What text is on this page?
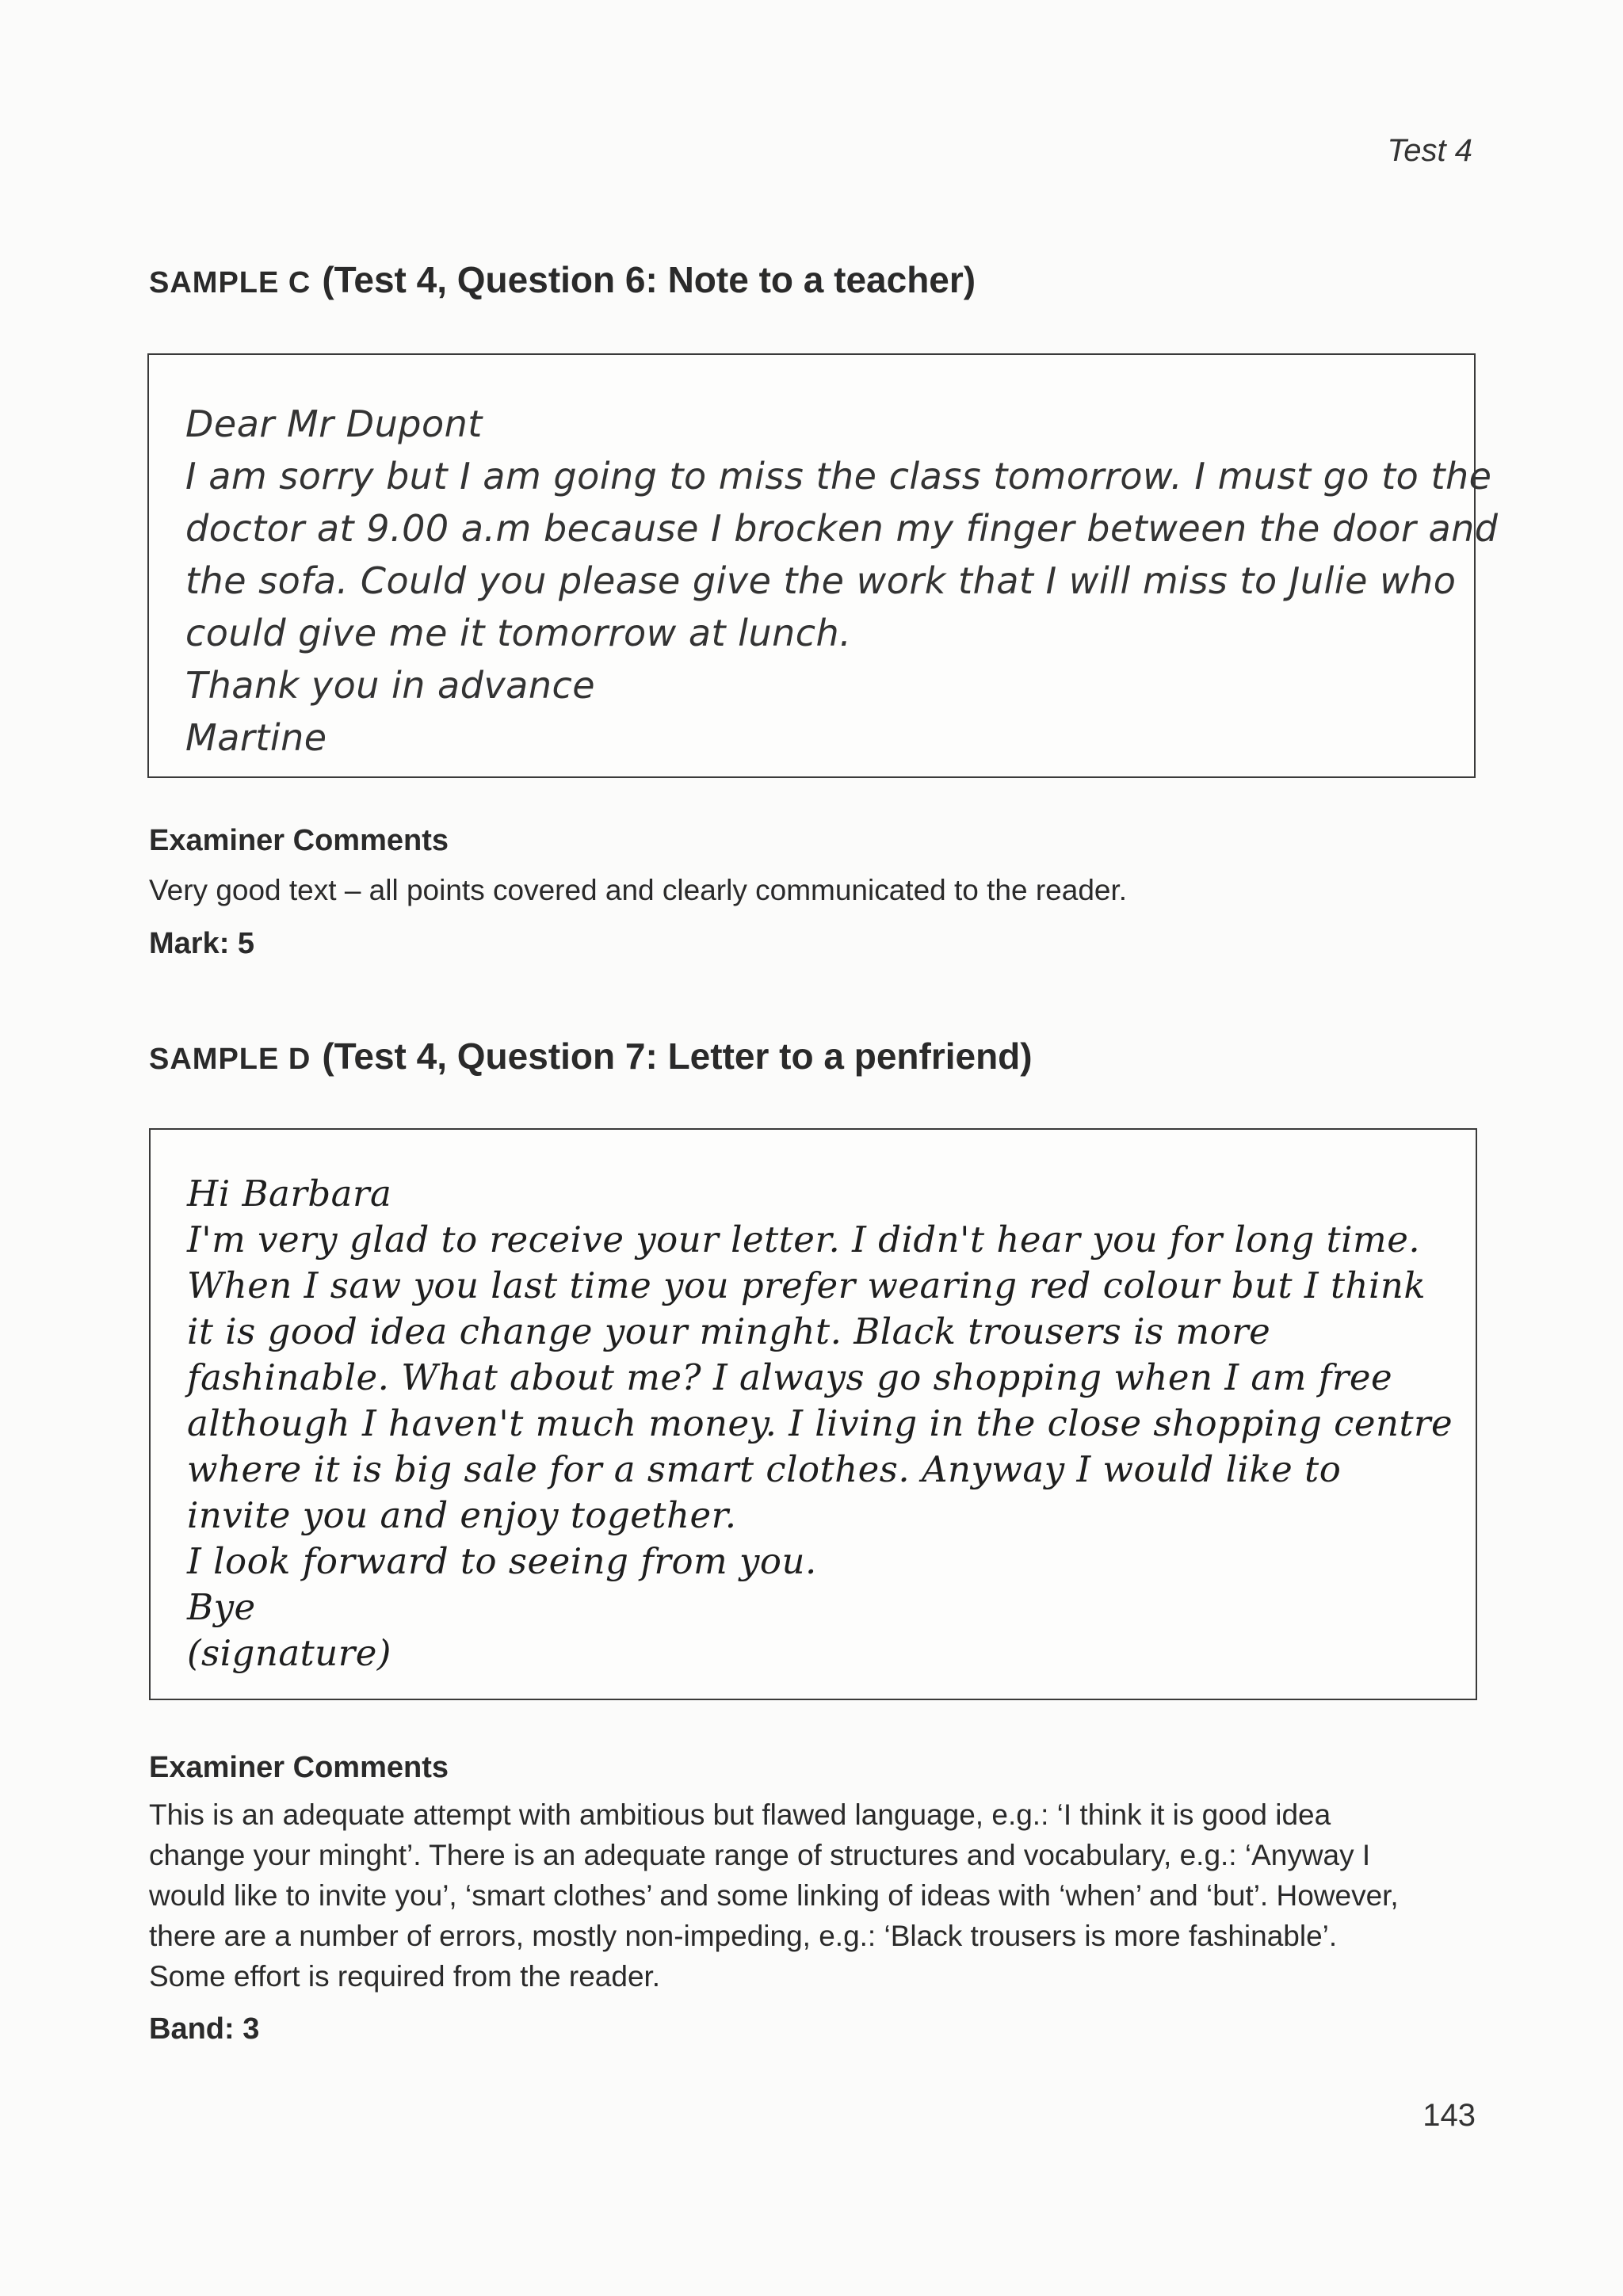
Test 4
SAMPLE C (Test 4, Question 6: Note to a teacher)
Dear Mr Dupont
I am sorry but I am going to miss the class tomorrow. I must go to the
doctor at 9.00 a.m because I brocken my finger between the door and
the sofa. Could you please give the work that I will miss to Julie who
could give me it tomorrow at lunch.
Thank you in advance
Martine
Examiner Comments
Very good text – all points covered and clearly communicated to the reader.
Mark: 5
SAMPLE D (Test 4, Question 7: Letter to a penfriend)
Hi Barbara
I'm very glad to receive your letter. I didn't hear you for long time.
When I saw you last time you prefer wearing red colour but I think
it is good idea change your minght. Black trousers is more
fashinable. What about me? I always go shopping when I am free
although I haven't much money. I living in the close shopping centre
where it is big sale for a smart clothes. Anyway I would like to
invite you and enjoy together.
I look forward to seeing from you.
Bye
(signature)
Examiner Comments
This is an adequate attempt with ambitious but flawed language, e.g.: ‘I think it is good idea
change your minght’. There is an adequate range of structures and vocabulary, e.g.: ‘Anyway I
would like to invite you’, ‘smart clothes’ and some linking of ideas with ‘when’ and ‘but’. However,
there are a number of errors, mostly non-impeding, e.g.: ‘Black trousers is more fashinable’.
Some effort is required from the reader.
Band: 3
143
